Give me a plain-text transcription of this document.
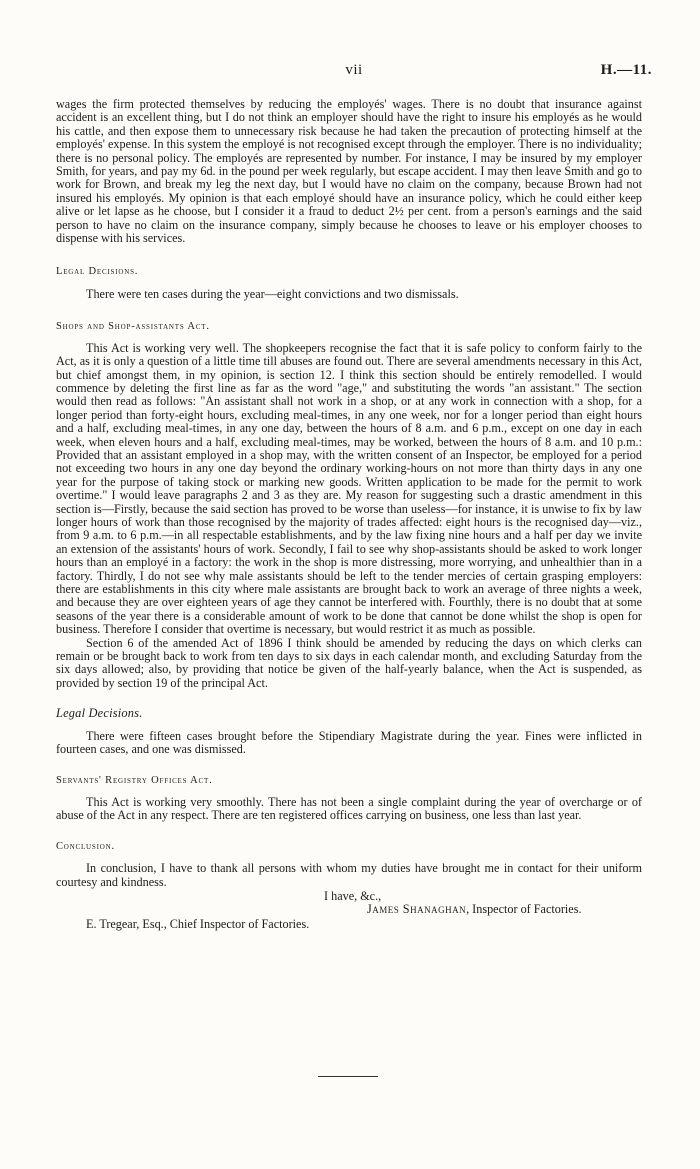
vii	H.—11.

wages the firm protected themselves by reducing the employés' wages. There is no doubt that insurance against accident is an excellent thing, but I do not think an employer should have the right to insure his employés as he would his cattle, and then expose them to unnecessary risk because he had taken the precaution of protecting himself at the employés' expense. In this system the employé is not recognised except through the employer. There is no individuality; there is no personal policy. The employés are represented by number. For instance, I may be insured by my employer Smith, for years, and pay my 6d. in the pound per week regularly, but escape accident. I may then leave Smith and go to work for Brown, and break my leg the next day, but I would have no claim on the company, because Brown had not insured his employés. My opinion is that each employé should have an insurance policy, which he could either keep alive or let lapse as he choose, but I consider it a fraud to deduct 2½ per cent. from a person's earnings and the said person to have no claim on the insurance company, simply because he chooses to leave or his employer chooses to dispense with his services.

Legal Decisions.

There were ten cases during the year—eight convictions and two dismissals.

Shops and Shop-assistants Act.

This Act is working very well. The shopkeepers recognise the fact that it is safe policy to conform fairly to the Act, as it is only a question of a little time till abuses are found out. There are several amendments necessary in this Act, but chief amongst them, in my opinion, is section 12. I think this section should be entirely remodelled. I would commence by deleting the first line as far as the word "age," and substituting the words "an assistant." The section would then read as follows: "An assistant shall not work in a shop, or at any work in connection with a shop, for a longer period than forty-eight hours, excluding meal-times, in any one week, nor for a longer period than eight hours and a half, excluding meal-times, in any one day, between the hours of 8 a.m. and 6 p.m., except on one day in each week, when eleven hours and a half, excluding meal-times, may be worked, between the hours of 8 a.m. and 10 p.m.: Provided that an assistant employed in a shop may, with the written consent of an Inspector, be employed for a period not exceeding two hours in any one day beyond the ordinary working-hours on not more than thirty days in any one year for the purpose of taking stock or marking new goods. Written application to be made for the permit to work overtime." I would leave paragraphs 2 and 3 as they are. My reason for suggesting such a drastic amendment in this section is—Firstly, because the said section has proved to be worse than useless—for instance, it is unwise to fix by law longer hours of work than those recognised by the majority of trades affected: eight hours is the recognised day—viz., from 9 a.m. to 6 p.m.—in all respectable establishments, and by the law fixing nine hours and a half per day we invite an extension of the assistants' hours of work. Secondly, I fail to see why shop-assistants should be asked to work longer hours than an employé in a factory: the work in the shop is more distressing, more worrying, and unhealthier than in a factory. Thirdly, I do not see why male assistants should be left to the tender mercies of certain grasping employers: there are establishments in this city where male assistants are brought back to work an average of three nights a week, and because they are over eighteen years of age they cannot be interfered with. Fourthly, there is no doubt that at some seasons of the year there is a considerable amount of work to be done that cannot be done whilst the shop is open for business. Therefore I consider that overtime is necessary, but would restrict it as much as possible.

Section 6 of the amended Act of 1896 I think should be amended by reducing the days on which clerks can remain or be brought back to work from ten days to six days in each calendar month, and excluding Saturday from the six days allowed; also, by providing that notice be given of the half-yearly balance, when the Act is suspended, as provided by section 19 of the principal Act.

Legal Decisions.

There were fifteen cases brought before the Stipendiary Magistrate during the year. Fines were inflicted in fourteen cases, and one was dismissed.

Servants' Registry Offices Act.

This Act is working very smoothly. There has not been a single complaint during the year of overcharge or of abuse of the Act in any respect. There are ten registered offices carrying on business, one less than last year.

Conclusion.

In conclusion, I have to thank all persons with whom my duties have brought me in contact for their uniform courtesy and kindness.

I have, &c.,

James Shanaghan, Inspector of Factories.

E. Tregear, Esq., Chief Inspector of Factories.
